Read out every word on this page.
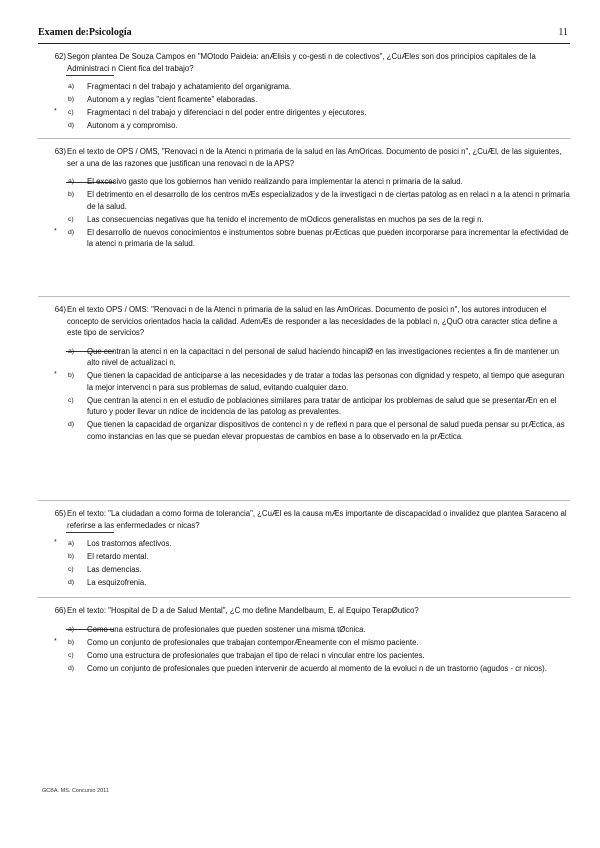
Examen de:Psicología	11

62) Segon plantea De Souza Campos en "MOtodo Paideia: anÆlisis y co-gesti n de colectivos", ¿CuÆles son dos principios capitales de la Administraci n Cient fica del trabajo?

a) Fragmentaci n del trabajo y achatamiento del organigrama.
b) Autonom a y reglas "cient ficamente" elaboradas.
* c) Fragmentaci n del trabajo y diferenciaci n del poder entre dirigentes y ejecutores.
d) Autonom a y compromiso.

63) En el texto de OPS / OMS, "Renovaci n de la Atenci n primaria de la salud en las AmOricas. Documento de posici n", ¿CuÆl, de las siguientes, ser a una de las razones que justifican una renovaci n de la APS?

a) El excesivo gasto que los gobiernos han venido realizando para implementar la atenci n primaria de la salud.
b) El detrimento en el desarrollo de los centros mÆs especializados y de la investigaci n de ciertas patolog as en relaci n a la atenci n primaria de la salud.
c) Las consecuencias negativas que ha tenido el incremento de mOdicos generalistas en muchos pa ses de la regi n.
* d) El desarrollo de nuevos conocimientos e instrumentos sobre buenas prÆcticas que pueden incorporarse para incrementar la efectividad de la atenci n primaria de la salud.

64) En el texto OPS / OMS: "Renovaci n de la Atenci n primaria de la salud en las AmOricas. Documento de posici n", los autores introducen el concepto de servicios orientados hacia la calidad. AdemÆs de responder a las necesidades de la poblaci n, ¿QuO otra caracter stica define a este tipo de servicios?

a) Que centran la atenci n en la capacitaci n del personal de salud haciendo hincapiØ en las investigaciones recientes a fin de mantener un alto nivel de actualizaci n.
* b) Que tienen la capacidad de anticiparse a las necesidades y de tratar a todas las personas con dignidad y respeto, al tiempo que aseguran la mejor intervenci n para sus problemas de salud, evitando cualquier da±o.
c) Que centran la atenci n en el estudio de poblaciones similares para tratar de anticipar los problemas de salud que se presentarÆn en el futuro y poder llevar un ndice de incidencia de las patolog as prevalentes.
d) Que tienen la capacidad de organizar dispositivos de contenci n y de reflexi n para que el personal de salud pueda pensar su prÆctica, as como instancias en las que se puedan elevar propuestas de cambios en base a lo observado en la prÆctica.

65) En el texto: "La ciudadan a como forma de tolerancia", ¿CuÆl es la causa mÆs importante de discapacidad o invalidez que plantea Saraceno al referirse a las enfermedades cr nicas?

* a) Los trastornos afectivos.
b) El retardo mental.
c) Las demencias.
d) La esquizofrenia.

66) En el texto: "Hospital de D a de Salud Mental", ¿C mo define Mandelbaum, E. al Equipo TerapØutico?

a) Como una estructura de profesionales que pueden sostener una misma tØcnica.
* b) Como un conjunto de profesionales que trabajan contemporÆneamente con el mismo paciente.
c) Como una estructura de profesionales que trabajan el tipo de relaci n vincular entre los pacientes.
d) Como un conjunto de profesionales que pueden intervenir de acuerdo al momento de la evoluci n de un trastorno (agudos - cr nicos).
GCBA. MS. Concurso 2011
